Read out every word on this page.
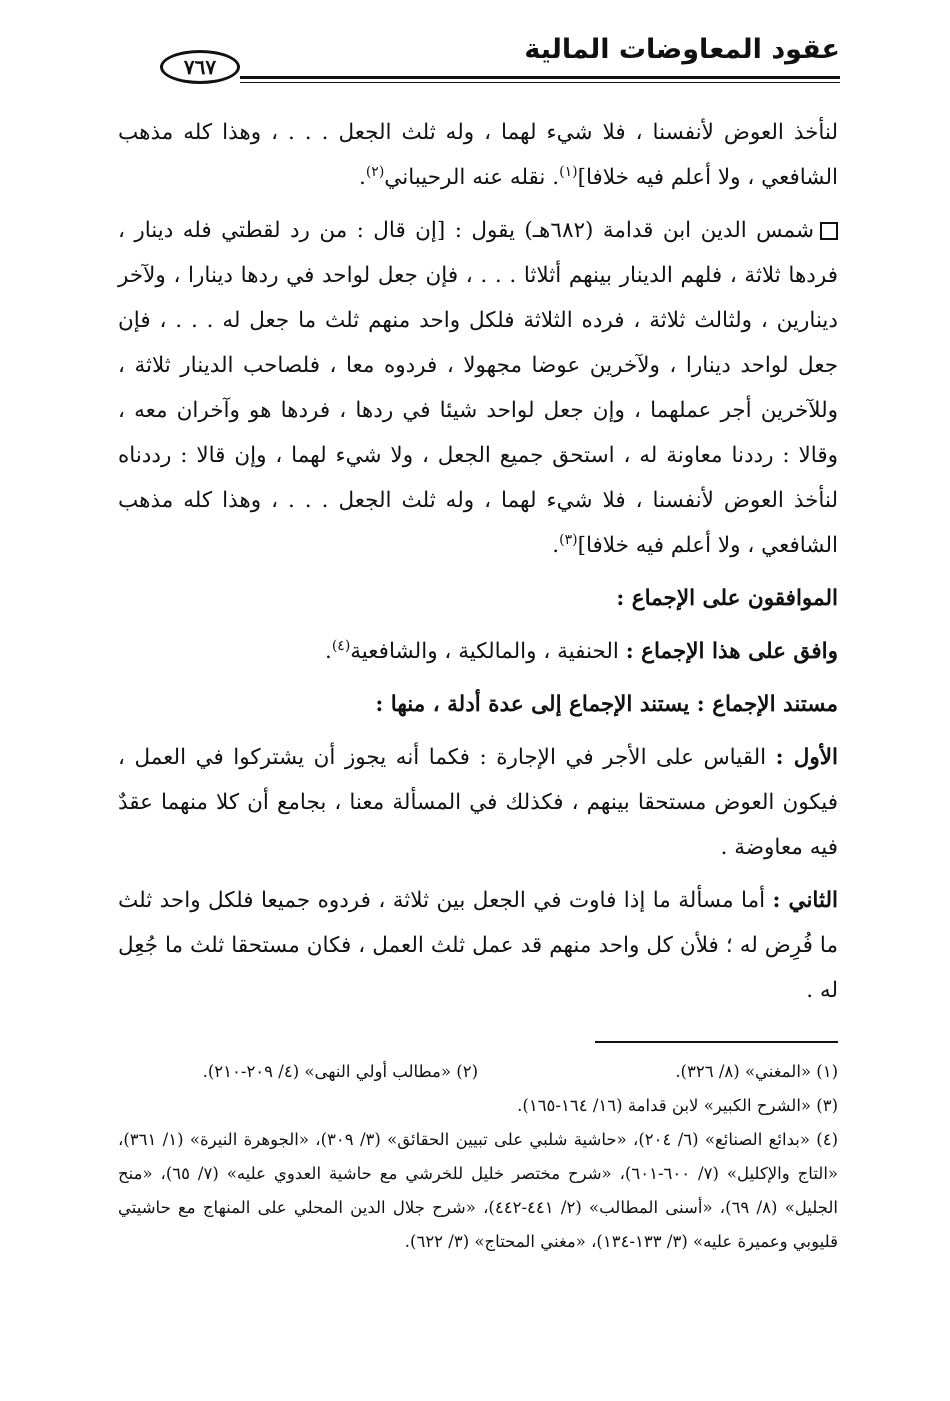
عقود المعاوضات المالية
٧٦٧

لنأخذ العوض لأنفسنا ، فلا شيء لهما ، وله ثلث الجعل . . . ، وهذا كله مذهب الشافعي ، ولا أعلم فيه خلافا]$^{(١)}$. نقله عنه الرحيباني$^{(٢)}$.

شمس الدين ابن قدامة (٦٨٢هـ) يقول : [إن قال : من رد لقطتي فله دينار ، فردها ثلاثة ، فلهم الدينار بينهم أثلاثا . . . ، فإن جعل لواحد في ردها دينارا ، ولآخر دينارين ، ولثالث ثلاثة ، فرده الثلاثة فلكل واحد منهم ثلث ما جعل له . . . ، فإن جعل لواحد دينارا ، ولآخرين عوضا مجهولا ، فردوه معا ، فلصاحب الدينار ثلاثة ، وللآخرين أجر عملهما ، وإن جعل لواحد شيئا في ردها ، فردها هو وآخران معه ، وقالا : رددنا معاونة له ، استحق جميع الجعل ، ولا شيء لهما ، وإن قالا : رددناه لنأخذ العوض لأنفسنا ، فلا شيء لهما ، وله ثلث الجعل . . . ، وهذا كله مذهب الشافعي ، ولا أعلم فيه خلافا]$^{(٣)}$.

الموافقون على الإجماع :

وافق على هذا الإجماع : الحنفية ، والمالكية ، والشافعية$^{(٤)}$.

مستند الإجماع : يستند الإجماع إلى عدة أدلة ، منها :

الأول : القياس على الأجر في الإجارة : فكما أنه يجوز أن يشتركوا في العمل ، فيكون العوض مستحقا بينهم ، فكذلك في المسألة معنا ، بجامع أن كلا منهما عقدٌ فيه معاوضة .

الثاني : أما مسألة ما إذا فاوت في الجعل بين ثلاثة ، فردوه جميعا فلكل واحد ثلث ما فُرِض له ؛ فلأن كل واحد منهم قد عمل ثلث العمل ، فكان مستحقا ثلث ما جُعِل له .

(١) «المغني» (٨/ ٣٢٦).
(٢) «مطالب أولي النهى» (٤/ ٢٠٩-٢١٠).
(٣) «الشرح الكبير» لابن قدامة (١٦/ ١٦٤-١٦٥).
(٤) «بدائع الصنائع» (٦/ ٢٠٤)، «حاشية شلبي على تبيين الحقائق» (٣/ ٣٠٩)، «الجوهرة النيرة» (١/ ٣٦١)، «التاج والإكليل» (٧/ ٦٠٠-٦٠١)، «شرح مختصر خليل للخرشي مع حاشية العدوي عليه» (٧/ ٦٥)، «منح الجليل» (٨/ ٦٩)، «أسنى المطالب» (٢/ ٤٤١-٤٤٢)، «شرح جلال الدين المحلي على المنهاج مع حاشيتي قليوبي وعميرة عليه» (٣/ ١٣٣-١٣٤)، «مغني المحتاج» (٣/ ٦٢٢).
